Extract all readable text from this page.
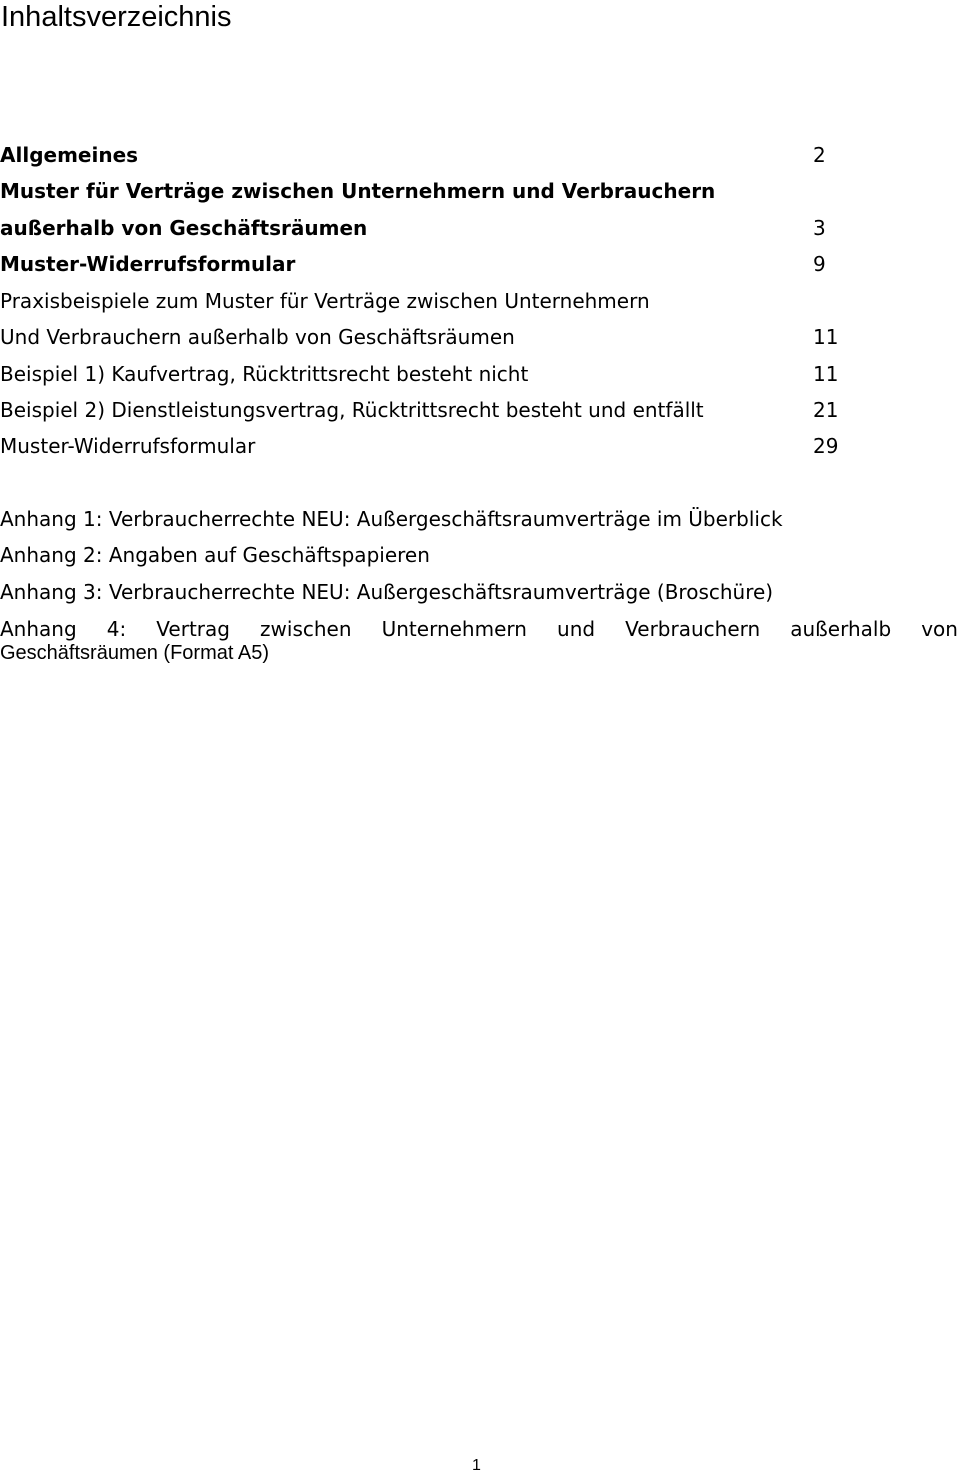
Inhaltsverzeichnis
Allgemeines	2
Muster für Verträge zwischen Unternehmern und Verbrauchern
außerhalb von Geschäftsräumen	3
Muster-Widerrufsformular	9
Praxisbeispiele zum Muster für Verträge zwischen Unternehmern
Und Verbrauchern außerhalb von Geschäftsräumen	11
Beispiel 1) Kaufvertrag, Rücktrittsrecht besteht nicht	11
Beispiel 2) Dienstleistungsvertrag, Rücktrittsrecht besteht und entfällt	21
Muster-Widerrufsformular	29
Anhang 1: Verbraucherrechte NEU: Außergeschäftsraumverträge im Überblick
Anhang 2: Angaben auf Geschäftspapieren
Anhang 3: Verbraucherrechte NEU: Außergeschäftsraumverträge (Broschüre)
Anhang 4: Vertrag zwischen Unternehmern und Verbrauchern außerhalb von
Geschäftsräumen (Format A5)
1
